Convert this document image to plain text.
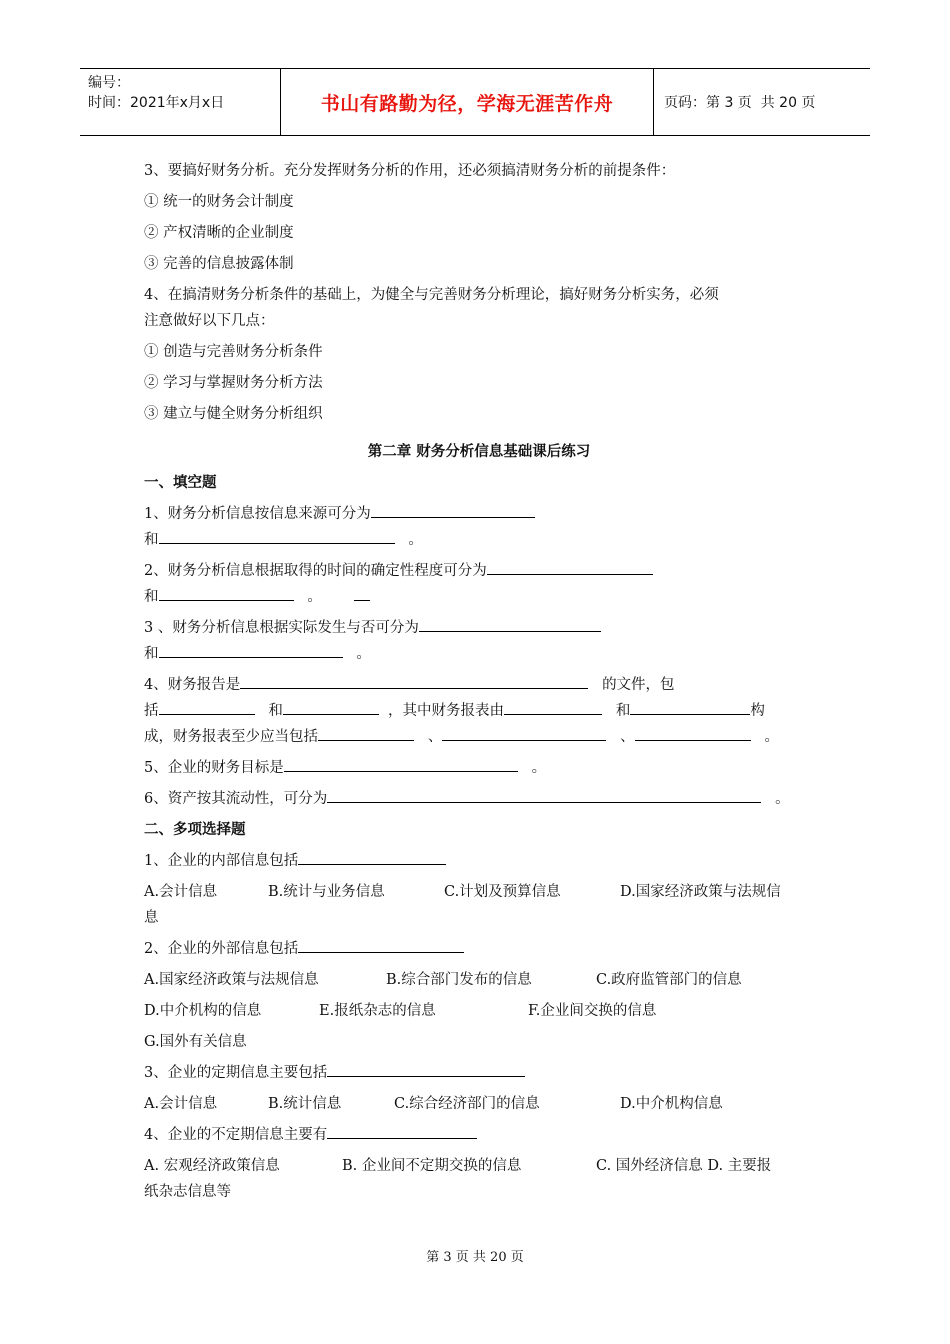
编号：
时间：2021年x月x日	书山有路勤为径，学海无涯苦作舟	页码：第 3 页  共 20 页
3、要搞好财务分析。充分发挥财务分析的作用，还必须搞清财务分析的前提条件：
① 统一的财务会计制度
② 产权清晰的企业制度
③ 完善的信息披露体制
4、在搞清财务分析条件的基础上，为健全与完善财务分析理论，搞好财务分析实务，必须
注意做好以下几点：
① 创造与完善财务分析条件
② 学习与掌握财务分析方法
③ 建立与健全财务分析组织
第二章 财务分析信息基础课后练习
一、填空题
1、财务分析信息按信息来源可分为
和	。
2、财务分析信息根据取得的时间的确定性程度可分为
和	。
3 、财务分析信息根据实际发生与否可分为
和	。
4、财务报告是	的文件，包
括	和	，其中财务报表由	和	构
成，财务报表至少应当包括	、	、	。
5、企业的财务目标是	。
6、资产按其流动性，可分为	。
二、多项选择题
1、企业的内部信息包括
A.会计信息	B.统计与业务信息	C.计划及预算信息	D.国家经济政策与法规信
息
2、企业的外部信息包括
A.国家经济政策与法规信息	B.综合部门发布的信息	C.政府监管部门的信息
D.中介机构的信息	E.报纸杂志的信息	F.企业间交换的信息
G.国外有关信息
3、企业的定期信息主要包括
A.会计信息	B.统计信息	C.综合经济部门的信息	D.中介机构信息
4、企业的不定期信息主要有
A. 宏观经济政策信息	B. 企业间不定期交换的信息	C. 国外经济信息 D. 主要报
纸杂志信息等
第 3 页 共 20 页
